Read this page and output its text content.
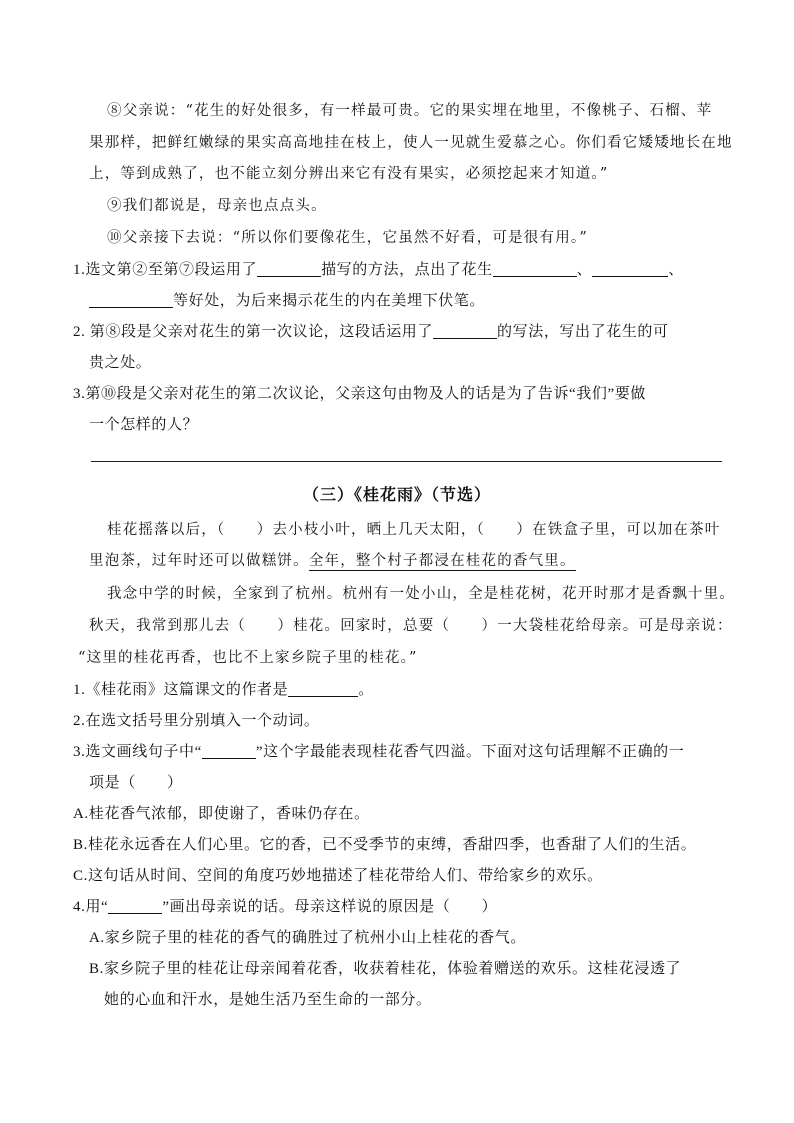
⑧父亲说：“花生的好处很多，有一样最可贵。它的果实埋在地里，不像桃子、石榴、苹
果那样，把鲜红嫩绿的果实高高地挂在枝上，使人一见就生爱慕之心。你们看它矮矮地长在地
上，等到成熟了，也不能立刻分辨出来它有没有果实，必须挖起来才知道。”
⑨我们都说是，母亲也点点头。
⑩父亲接下去说：“所以你们要像花生，它虽然不好看，可是很有用。”
1.选文第②至第⑦段运用了	描写的方法，点出了花生	、	、
等好处，为后来揭示花生的内在美埋下伏笔。
2. 第⑧段是父亲对花生的第一次议论，这段话运用了	的写法，写出了花生的可
贵之处。
3.第⑩段是父亲对花生的第二次议论，父亲这句由物及人的话是为了告诉“我们”要做
一个怎样的人？
（三）《桂花雨》（节选）
桂花摇落以后，（　　）去小枝小叶，晒上几天太阳，（　　）在铁盒子里，可以加在茶叶
里泡茶，过年时还可以做糕饼。全年，整个村子都浸在桂花的香气里。
我念中学的时候，全家到了杭州。杭州有一处小山，全是桂花树，花开时那才是香飘十里。
秋天，我常到那儿去（　　）桂花。回家时，总要（　　）一大袋桂花给母亲。可是母亲说：
“这里的桂花再香，也比不上家乡院子里的桂花。”
1.《桂花雨》这篇课文的作者是	。
2.在选文括号里分别填入一个动词。
3.选文画线句子中“	”这个字最能表现桂花香气四溢。下面对这句话理解不正确的一
项是（　　）
A.桂花香气浓郁，即使谢了，香味仍存在。
B.桂花永远香在人们心里。它的香，已不受季节的束缚，香甜四季，也香甜了人们的生活。
C.这句话从时间、空间的角度巧妙地描述了桂花带给人们、带给家乡的欢乐。
4.用“	”画出母亲说的话。母亲这样说的原因是（　　）
A.家乡院子里的桂花的香气的确胜过了杭州小山上桂花的香气。
B.家乡院子里的桂花让母亲闻着花香，收获着桂花，体验着赠送的欢乐。这桂花浸透了
她的心血和汗水，是她生活乃至生命的一部分。
